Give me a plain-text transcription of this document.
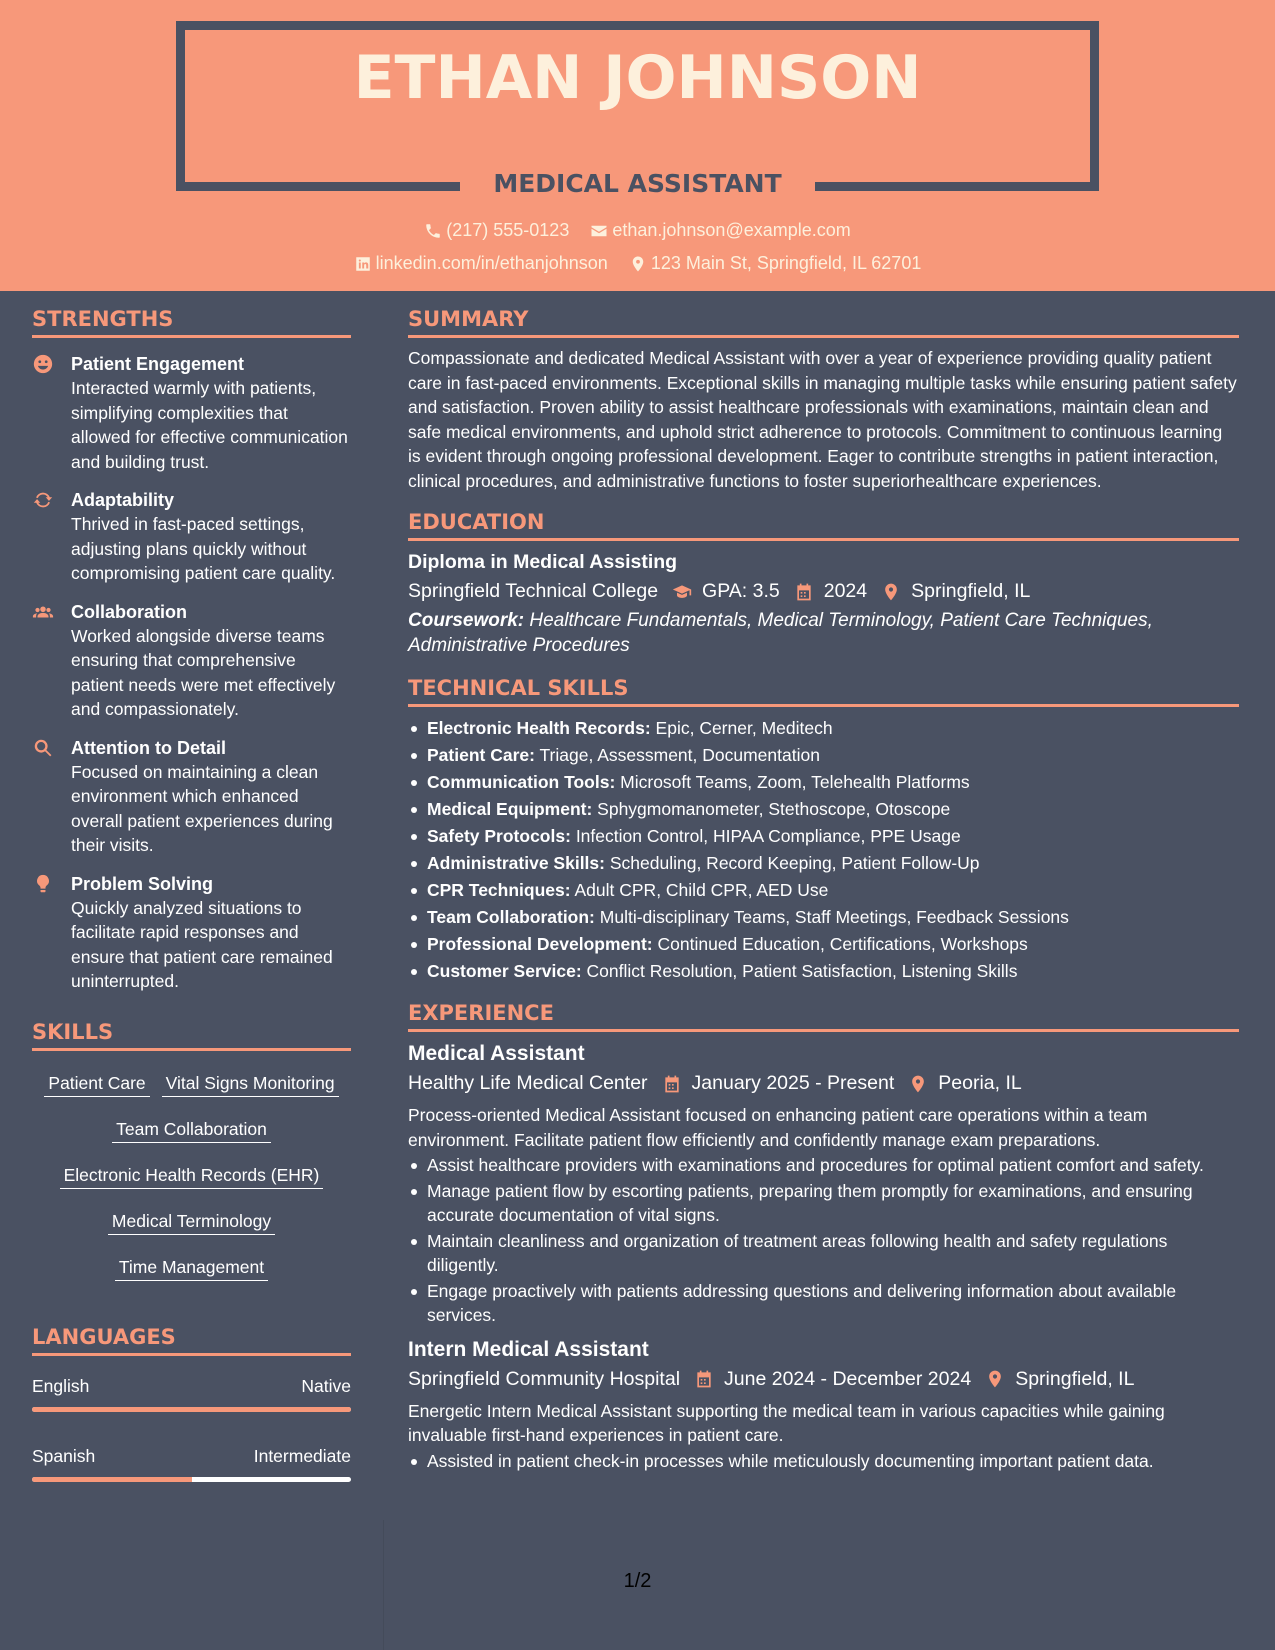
ETHAN JOHNSON
MEDICAL ASSISTANT
(217) 555-0123
ethan.johnson@example.com
linkedin.com/in/ethanjohnson
123 Main St, Springfield, IL 62701
STRENGTHS
Patient Engagement
Interacted warmly with patients, simplifying complexities that allowed for effective communication and building trust.
Adaptability
Thrived in fast-paced settings, adjusting plans quickly without compromising patient care quality.
Collaboration
Worked alongside diverse teams ensuring that comprehensive patient needs were met effectively and compassionately.
Attention to Detail
Focused on maintaining a clean environment which enhanced overall patient experiences during their visits.
Problem Solving
Quickly analyzed situations to facilitate rapid responses and ensure that patient care remained uninterrupted.
SKILLS
Patient Care Vital Signs Monitoring
Team Collaboration
Electronic Health Records (EHR)
Medical Terminology
Time Management
LANGUAGES
English	Native
Spanish	Intermediate
SUMMARY
Compassionate and dedicated Medical Assistant with over a year of experience providing quality patient care in fast-paced environments. Exceptional skills in managing multiple tasks while ensuring patient safety and satisfaction. Proven ability to assist healthcare professionals with examinations, maintain clean and safe medical environments, and uphold strict adherence to protocols. Commitment to continuous learning is evident through ongoing professional development. Eager to contribute strengths in patient interaction, clinical procedures, and administrative functions to foster superiorhealthcare experiences.
EDUCATION
Diploma in Medical Assisting
Springfield Technical College GPA: 3.5 2024 Springfield, IL
Coursework: Healthcare Fundamentals, Medical Terminology, Patient Care Techniques, Administrative Procedures
TECHNICAL SKILLS
Electronic Health Records: Epic, Cerner, Meditech
Patient Care: Triage, Assessment, Documentation
Communication Tools: Microsoft Teams, Zoom, Telehealth Platforms
Medical Equipment: Sphygmomanometer, Stethoscope, Otoscope
Safety Protocols: Infection Control, HIPAA Compliance, PPE Usage
Administrative Skills: Scheduling, Record Keeping, Patient Follow-Up
CPR Techniques: Adult CPR, Child CPR, AED Use
Team Collaboration: Multi-disciplinary Teams, Staff Meetings, Feedback Sessions
Professional Development: Continued Education, Certifications, Workshops
Customer Service: Conflict Resolution, Patient Satisfaction, Listening Skills
EXPERIENCE
Medical Assistant
Healthy Life Medical Center January 2025 - Present Peoria, IL
Process-oriented Medical Assistant focused on enhancing patient care operations within a team environment. Facilitate patient flow efficiently and confidently manage exam preparations.
Assist healthcare providers with examinations and procedures for optimal patient comfort and safety.
Manage patient flow by escorting patients, preparing them promptly for examinations, and ensuring accurate documentation of vital signs.
Maintain cleanliness and organization of treatment areas following health and safety regulations diligently.
Engage proactively with patients addressing questions and delivering information about available services.
Intern Medical Assistant
Springfield Community Hospital June 2024 - December 2024 Springfield, IL
Energetic Intern Medical Assistant supporting the medical team in various capacities while gaining invaluable first-hand experiences in patient care.
Assisted in patient check-in processes while meticulously documenting important patient data.
1/2
